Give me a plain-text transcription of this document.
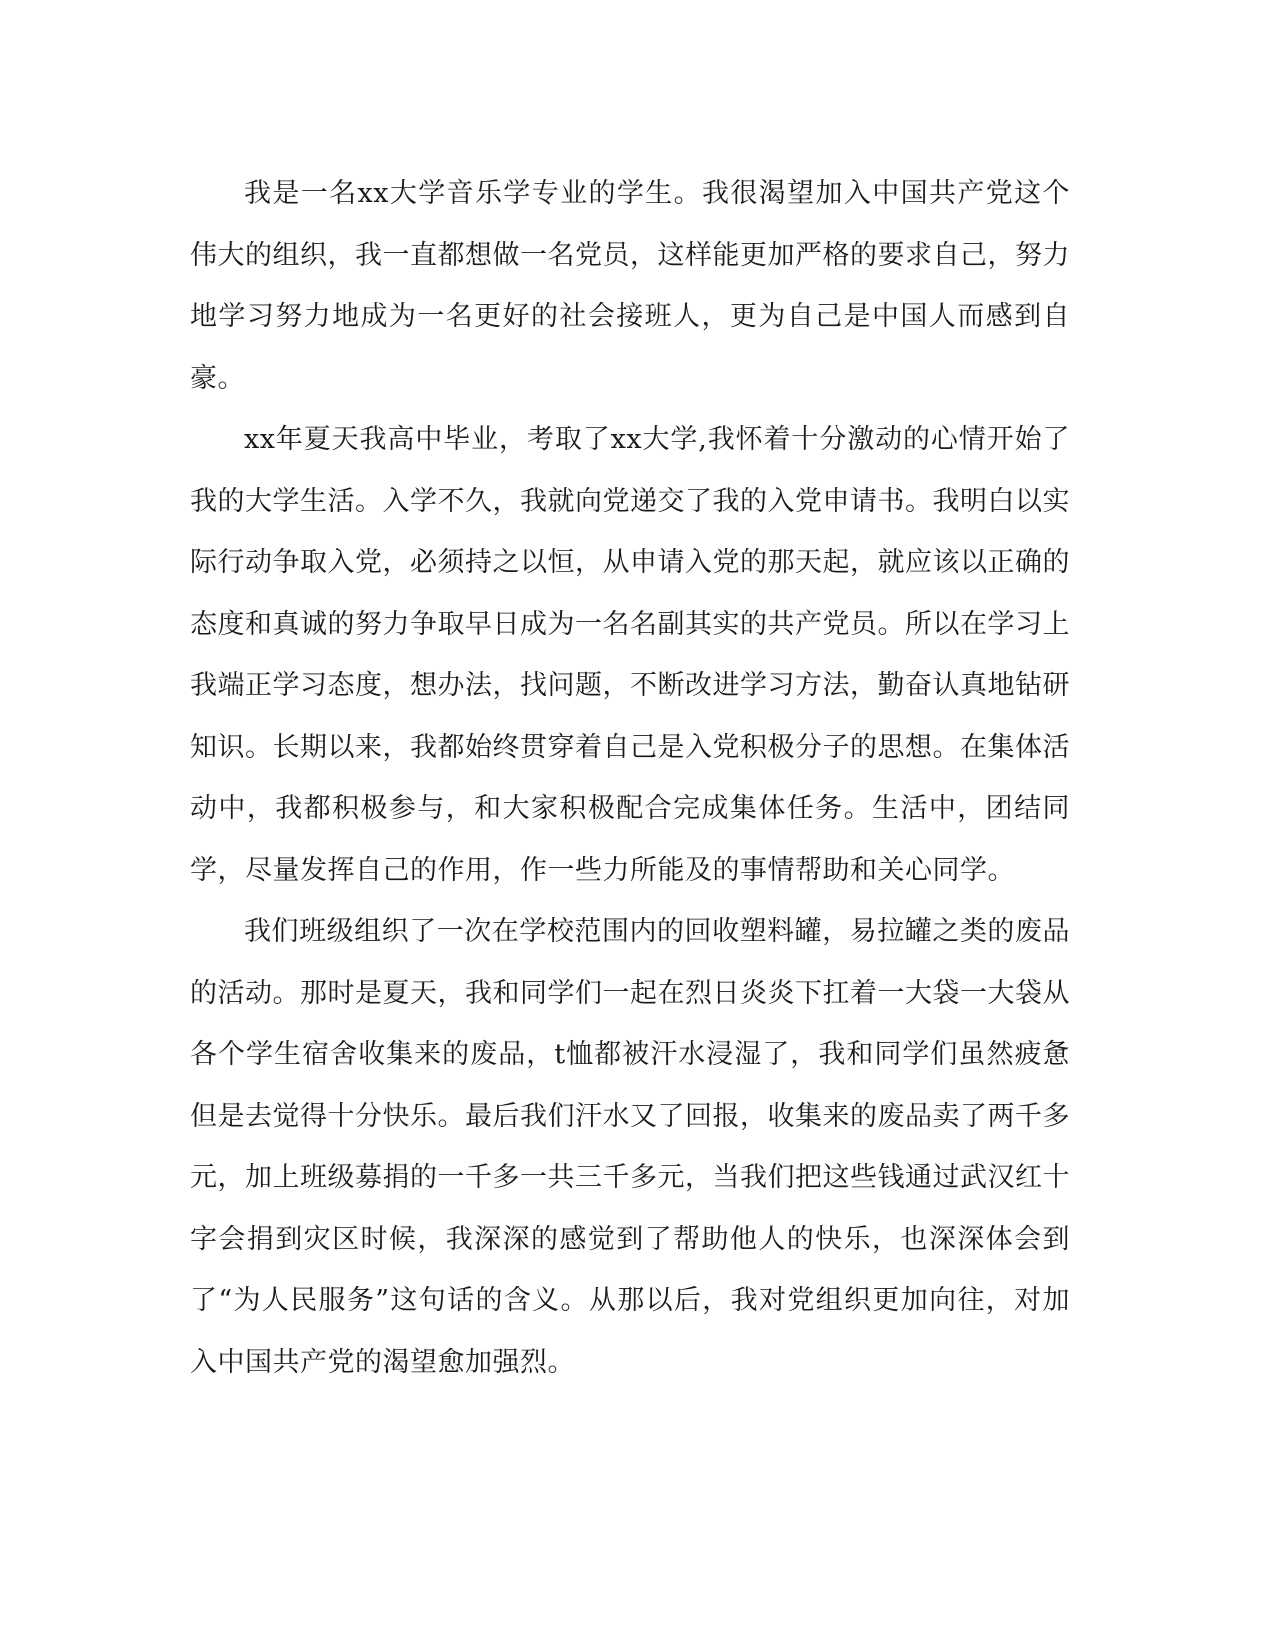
我是一名xx大学音乐学专业的学生。我很渴望加入中国共产党这个伟大的组织，我一直都想做一名党员，这样能更加严格的要求自己，努力地学习努力地成为一名更好的社会接班人，更为自己是中国人而感到自豪。

xx年夏天我高中毕业，考取了xx大学,我怀着十分激动的心情开始了我的大学生活。入学不久，我就向党递交了我的入党申请书。我明白以实际行动争取入党，必须持之以恒，从申请入党的那天起，就应该以正确的态度和真诚的努力争取早日成为一名名副其实的共产党员。所以在学习上我端正学习态度，想办法，找问题，不断改进学习方法，勤奋认真地钻研知识。长期以来，我都始终贯穿着自己是入党积极分子的思想。在集体活动中，我都积极参与，和大家积极配合完成集体任务。生活中，团结同学，尽量发挥自己的作用，作一些力所能及的事情帮助和关心同学。

我们班级组织了一次在学校范围内的回收塑料罐，易拉罐之类的废品的活动。那时是夏天，我和同学们一起在烈日炎炎下扛着一大袋一大袋从各个学生宿舍收集来的废品，t恤都被汗水浸湿了，我和同学们虽然疲惫但是去觉得十分快乐。最后我们汗水又了回报，收集来的废品卖了两千多元，加上班级募捐的一千多一共三千多元，当我们把这些钱通过武汉红十字会捐到灾区时候，我深深的感觉到了帮助他人的快乐，也深深体会到了“为人民服务”这句话的含义。从那以后，我对党组织更加向往，对加入中国共产党的渴望愈加强烈。
